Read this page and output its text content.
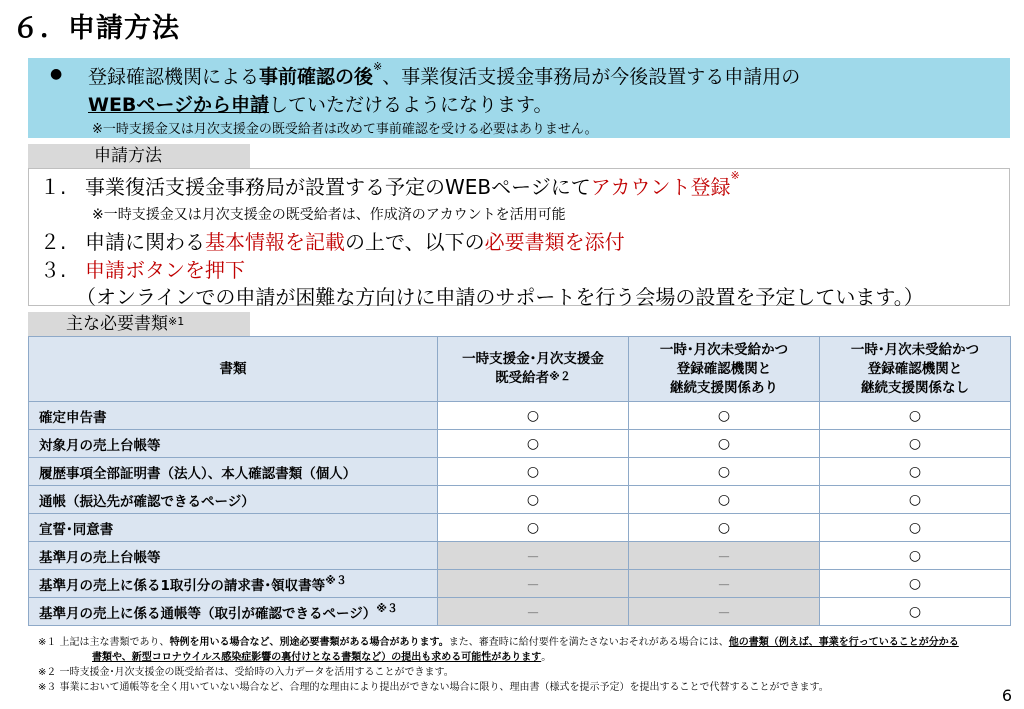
６．申請方法
● 登録確認機関による事前確認の後※、事業復活支援金事務局が今後設置する申請用の
WEBページから申請していただけるようになります。
※一時支援金又は月次支援金の既受給者は改めて事前確認を受ける必要はありません。
申請方法
１. 事業復活支援金事務局が設置する予定のWEBページにてアカウント登録※
※一時支援金又は月次支援金の既受給者は、作成済のアカウントを活用可能
２. 申請に関わる基本情報を記載の上で、以下の必要書類を添付
３. 申請ボタンを押下
（オンラインでの申請が困難な方向けに申請のサポートを行う会場の設置を予定しています。）
主な必要書類$^{※1}$
書類	一時支援金･月次支援金
既受給者$^{※2}$	一時･月次未受給かつ
登録確認機関と
継続支援関係あり	一時･月次未受給かつ
登録確認機関と
継続支援関係なし
確定申告書	○	○	○
対象月の売上台帳等	○	○	○
履歴事項全部証明書（法人）、本人確認書類（個人）	○	○	○
通帳（振込先が確認できるページ）	○	○	○
宣誓･同意書	○	○	○
基準月の売上台帳等	－	－	○
基準月の売上に係る1取引分の請求書･領収書等$^{※3}$	－	－	○
基準月の売上に係る通帳等（取引が確認できるページ）$^{※3}$	－	－	○
※１ 上記は主な書類であり、特例を用いる場合など、別途必要書類がある場合があります。また、審査時に給付要件を満たさないおそれがある場合には、他の書類（例えば、事業を行っていることが分かる
書類や、新型コロナウイルス感染症影響の裏付けとなる書類など）の提出も求める可能性があります。
※２ 一時支援金･月次支援金の既受給者は、受給時の入力データを活用することができます。
※３ 事業において通帳等を全く用いていない場合など、合理的な理由により提出ができない場合に限り、理由書（様式を提示予定）を提出することで代替することができます。	6
